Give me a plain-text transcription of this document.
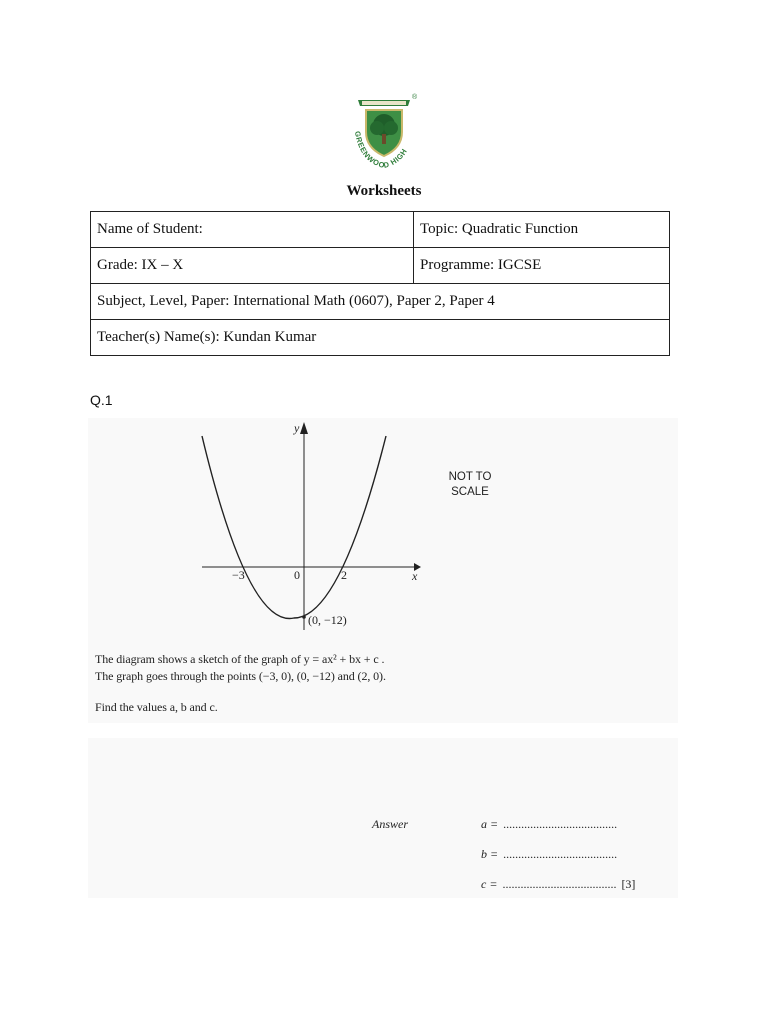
GREENWOOD HIGH
®
Worksheets
Name of Student:	Topic: Quadratic Function
Grade: IX – X	Programme: IGCSE
Subject, Level, Paper: International Math (0607), Paper 2, Paper 4	
Teacher(s) Name(s): Kundan Kumar	
Q.1
y
x
−3	0	2
(0, −12)
NOT TO SCALE
The diagram shows a sketch of the graph of y = ax² + bx + c .
The graph goes through the points (−3, 0), (0, −12) and (2, 0).
Find the values a, b and c.
Answer	a = ......................................
b = ......................................
c = ...................................... [3]
